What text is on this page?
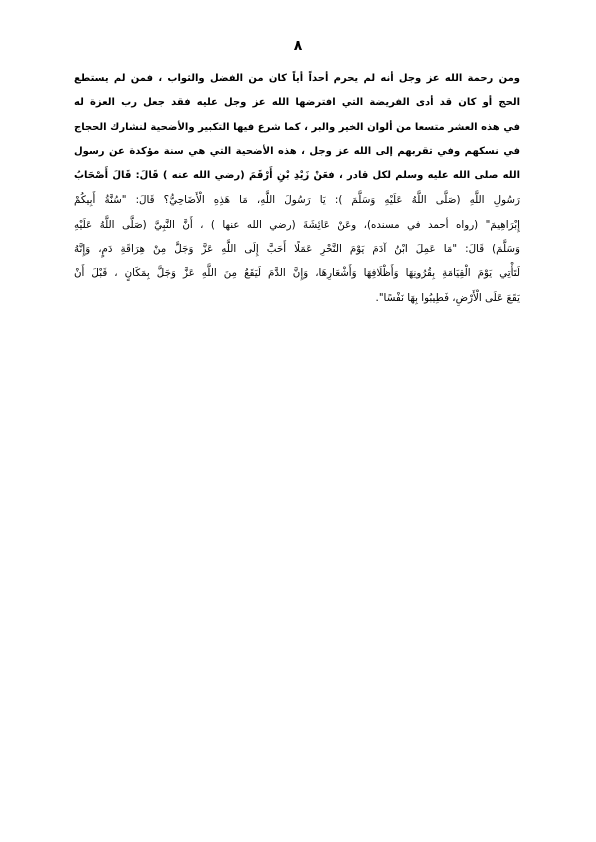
٨
ومن رحمة الله عز وجل أنه لم يحرم أحداً أياً كان من الفضل والثواب ، فمن لم يستطع
الحج أو كان قد أدى الفريضة التي افترضها الله عز وجل عليه فقد جعل رب العزة له
في هذه العشر متسعا من ألوان الخير والبر ، كما شرع فيها التكبير والأضحية لنشارك الحجاج
في نسكهم وفي تقربهم إلى الله عز وجل ، هذه الأضحية التي هي سنة مؤكدة عن رسول
الله صلى الله عليه وسلم لكل قادر ، فعَنْ زَيْدِ بْنِ أَرْقَمَ (رضي الله عنه ) قَالَ: قَالَ أَصْحَابُ
رَسُولِ اللَّهِ (صَلَّى اللَّهُ عَلَيْهِ وَسَلَّمَ ): يَا رَسُولَ اللَّهِ، مَا هَذِهِ الْأَضَاحِيُّ؟ قَالَ: "سُنَّةُ أَبِيكُمْ
إِبْرَاهِيمَ" (رواه أحمد في مسنده)، وعَنْ عَائِشَةَ (رضي الله عنها ) ، أَنَّ النَّبِيَّ (صَلَّى اللَّهُ عَلَيْهِ
وَسَلَّمَ) قَالَ: "مَا عَمِلَ ابْنُ آدَمَ يَوْمَ النَّحْرِ عَمَلًا أَحَبَّ إِلَى اللَّهِ عَزَّ وَجَلَّ مِنْ هِرَاقَةِ دَمٍ، وَإِنَّهُ
لَتَأْتِي يَوْمَ الْقِيَامَةِ بِقُرُونِهَا وَأَظْلَافِهَا وَأَشْعَارِهَا، وَإِنَّ الدَّمَ لَيَقَعُ مِنَ اللَّهِ عَزَّ وَجَلَّ بِمَكَانٍ ، قَبْلَ أَنْ
يَقَعَ عَلَى الْأَرْضِ، فَطِيبُوا بِهَا نَفْسًا".
